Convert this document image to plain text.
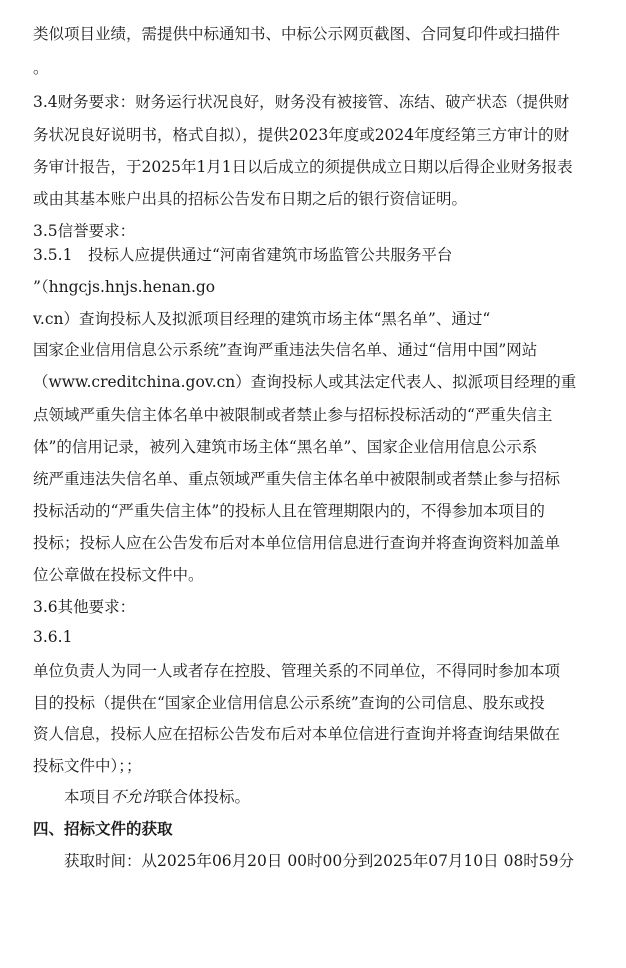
类似项目业绩，需提供中标通知书、中标公示网页截图、合同复印件或扫描件
。
3.4财务要求：财务运行状况良好，财务没有被接管、冻结、破产状态（提供财
务状况良好说明书，格式自拟），提供2023年度或2024年度经第三方审计的财
务审计报告，于2025年1月1日以后成立的须提供成立日期以后得企业财务报表
或由其基本账户出具的招标公告发布日期之后的银行资信证明。
3.5信誉要求：
3.5.1　投标人应提供通过“河南省建筑市场监管公共服务平台
”（hngcjs.hnjs.henan.go
v.cn）查询投标人及拟派项目经理的建筑市场主体“黑名单”、通过“
国家企业信用信息公示系统”查询严重违法失信名单、通过“信用中国”网站
（www.creditchina.gov.cn）查询投标人或其法定代表人、拟派项目经理的重
点领域严重失信主体名单中被限制或者禁止参与招标投标活动的“严重失信主
体”的信用记录，被列入建筑市场主体“黑名单”、国家企业信用信息公示系
统严重违法失信名单、重点领域严重失信主体名单中被限制或者禁止参与招标
投标活动的“严重失信主体”的投标人且在管理期限内的，不得参加本项目的
投标；投标人应在公告发布后对本单位信用信息进行查询并将查询资料加盖单
位公章做在投标文件中。
3.6其他要求：
3.6.1
单位负责人为同一人或者存在控股、管理关系的不同单位，不得同时参加本项
目的投标（提供在“国家企业信用信息公示系统”查询的公司信息、股东或投
资人信息，投标人应在招标公告发布后对本单位信进行查询并将查询结果做在
投标文件中）；；
本项目不允许联合体投标。
四、招标文件的获取
获取时间：从2025年06月20日 00时00分到2025年07月10日 08时59分
